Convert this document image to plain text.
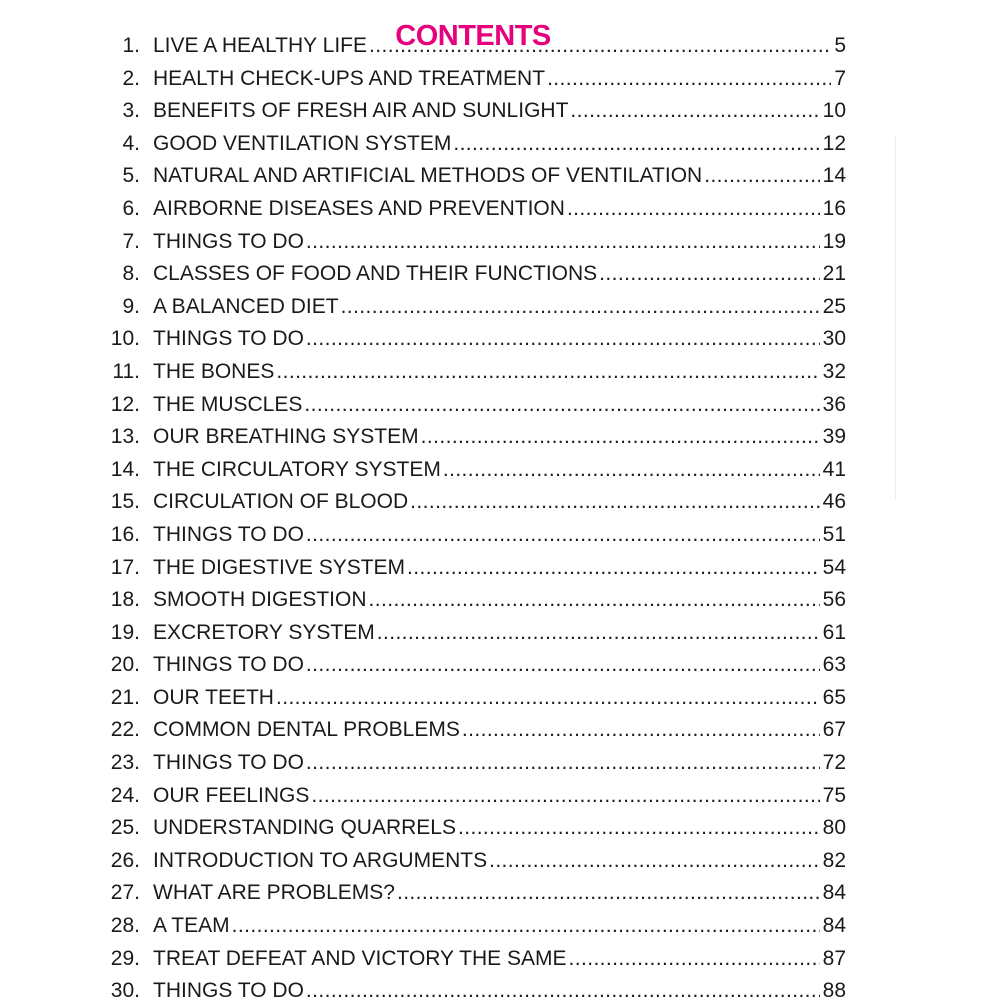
CONTENTS
1. LIVE A HEALTHY LIFE .....	5
2. HEALTH CHECK-UPS AND TREATMENT .....	7
3. BENEFITS OF FRESH AIR AND SUNLIGHT .....	10
4. GOOD VENTILATION SYSTEM .....	12
5. NATURAL AND ARTIFICIAL METHODS OF VENTILATION .....	14
6. AIRBORNE DISEASES AND PREVENTION .....	16
7. THINGS TO DO .....	19
8. CLASSES OF FOOD AND THEIR FUNCTIONS .....	21
9. A BALANCED DIET .....	25
10. THINGS TO DO .....	30
11. THE BONES .....	32
12. THE MUSCLES .....	36
13. OUR BREATHING SYSTEM .....	39
14. THE CIRCULATORY SYSTEM .....	41
15. CIRCULATION OF BLOOD .....	46
16. THINGS TO DO .....	51
17. THE DIGESTIVE SYSTEM .....	54
18. SMOOTH DIGESTION .....	56
19. EXCRETORY SYSTEM .....	61
20. THINGS TO DO .....	63
21. OUR TEETH .....	65
22. COMMON DENTAL PROBLEMS .....	67
23. THINGS TO DO .....	72
24. OUR FEELINGS .....	75
25. UNDERSTANDING QUARRELS .....	80
26. INTRODUCTION TO ARGUMENTS .....	82
27. WHAT ARE PROBLEMS? .....	84
28. A TEAM .....	84
29. TREAT DEFEAT AND VICTORY THE SAME .....	87
30. THINGS TO DO .....	88
